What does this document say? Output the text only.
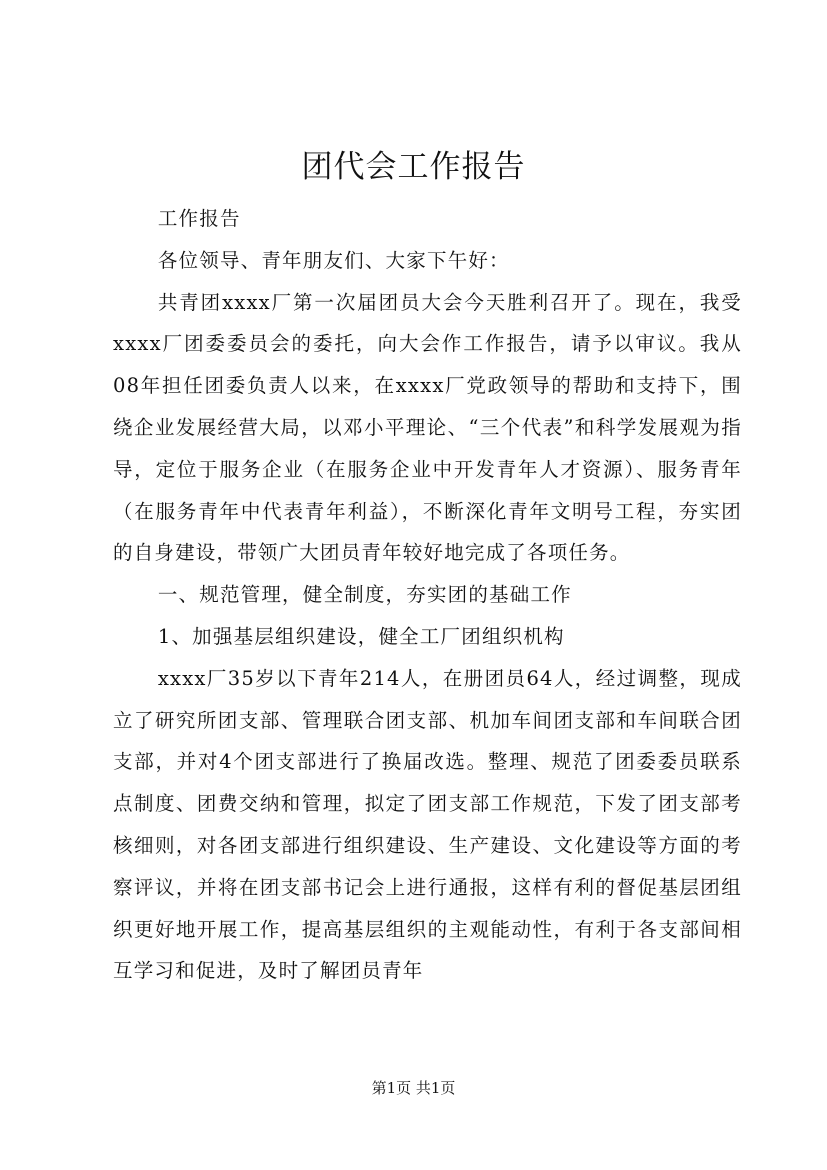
团代会工作报告

工作报告

各位领导、青年朋友们、大家下午好：

共青团xxxx厂第一次届团员大会今天胜利召开了。现在，我受xxxx厂团委委员会的委托，向大会作工作报告，请予以审议。我从08年担任团委负责人以来，在xxxx厂党政领导的帮助和支持下，围绕企业发展经营大局，以邓小平理论、“三个代表”和科学发展观为指导，定位于服务企业（在服务企业中开发青年人才资源）、服务青年（在服务青年中代表青年利益），不断深化青年文明号工程，夯实团的自身建设，带领广大团员青年较好地完成了各项任务。

一、规范管理，健全制度，夯实团的基础工作

1、加强基层组织建设，健全工厂团组织机构

xxxx厂35岁以下青年214人，在册团员64人，经过调整，现成立了研究所团支部、管理联合团支部、机加车间团支部和车间联合团支部，并对4个团支部进行了换届改选。整理、规范了团委委员联系点制度、团费交纳和管理，拟定了团支部工作规范，下发了团支部考核细则，对各团支部进行组织建设、生产建设、文化建设等方面的考察评议，并将在团支部书记会上进行通报，这样有利的督促基层团组织更好地开展工作，提高基层组织的主观能动性，有利于各支部间相互学习和促进，及时了解团员青年

第1页 共1页
